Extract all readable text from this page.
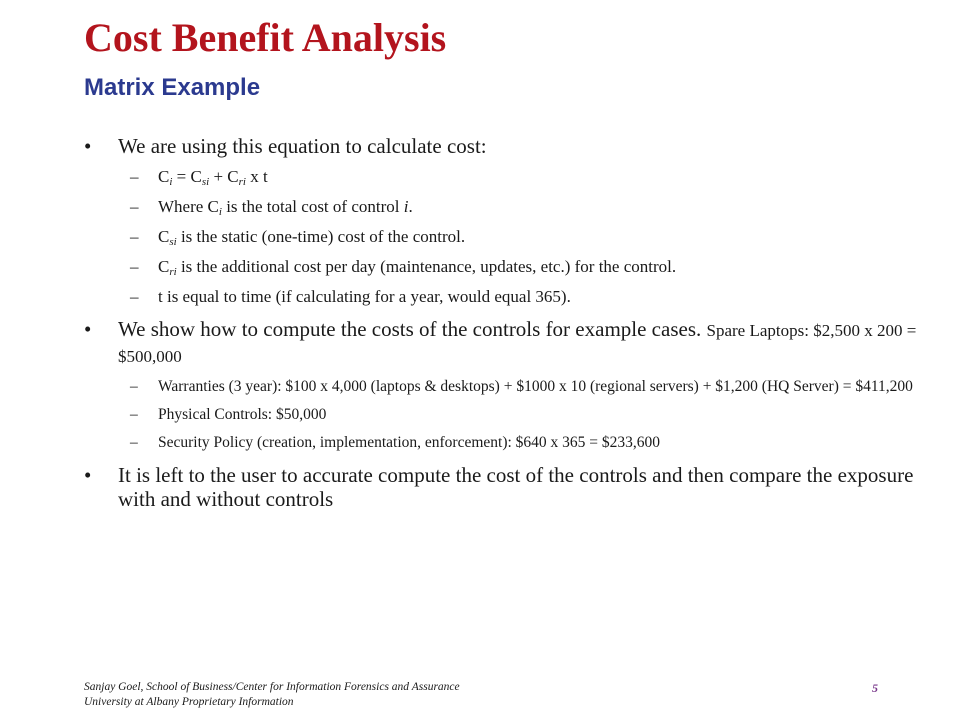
Cost Benefit Analysis
Matrix Example
• We are using this equation to calculate cost:
– $C_i = C_{si} + C_{ri}$ x t
– Where $C_i$ is the total cost of control i.
– $C_{si}$ is the static (one-time) cost of the control.
– $C_{ri}$ is the additional cost per day (maintenance, updates, etc.) for the control.
– t is equal to time (if calculating for a year, would equal 365).
• We show how to compute the costs of the controls for example cases. Spare Laptops: $2,500 x 200 = $500,000
– Warranties (3 year): $100 x 4,000 (laptops & desktops) + $1000 x 10 (regional servers) + $1,200 (HQ Server) = $411,200
– Physical Controls: $50,000
– Security Policy (creation, implementation, enforcement): $640 x 365 = $233,600
• It is left to the user to accurate compute the cost of the controls and then compare the exposure with and without controls
Sanjay Goel, School of Business/Center for Information Forensics and Assurance
University at Albany Proprietary Information
5
